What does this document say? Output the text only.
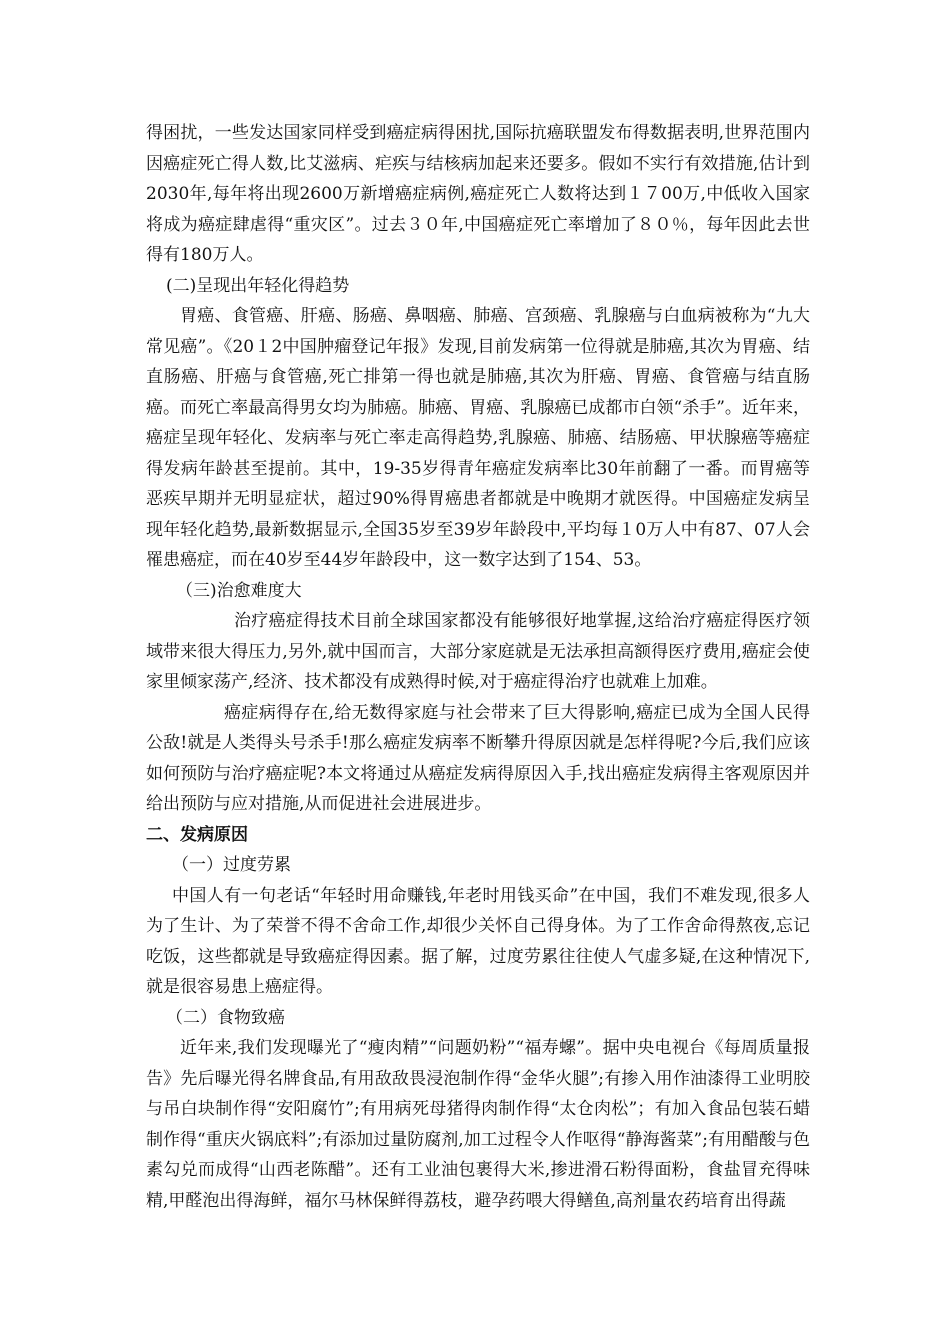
得困扰，一些发达国家同样受到癌症病得困扰,国际抗癌联盟发布得数据表明,世界范围内因癌症死亡得人数,比艾滋病、疟疾与结核病加起来还要多。假如不实行有效措施,估计到2030年,每年将出现2600万新增癌症病例,癌症死亡人数将达到１７00万,中低收入国家将成为癌症肆虐得“重灾区”。过去３０年,中国癌症死亡率增加了８０％，每年因此去世得有180万人。

(二)呈现出年轻化得趋势

胃癌、食管癌、肝癌、肠癌、鼻咽癌、肺癌、宫颈癌、乳腺癌与白血病被称为“九大常见癌”。《20１2中国肿瘤登记年报》发现,目前发病第一位得就是肺癌,其次为胃癌、结直肠癌、肝癌与食管癌,死亡排第一得也就是肺癌,其次为肝癌、胃癌、食管癌与结直肠癌。而死亡率最高得男女均为肺癌。肺癌、胃癌、乳腺癌已成都市白领“杀手”。近年来，癌症呈现年轻化、发病率与死亡率走高得趋势,乳腺癌、肺癌、结肠癌、甲状腺癌等癌症得发病年龄甚至提前。其中，19-35岁得青年癌症发病率比30年前翻了一番。而胃癌等恶疾早期并无明显症状，超过90%得胃癌患者都就是中晚期才就医得。中国癌症发病呈现年轻化趋势,最新数据显示,全国35岁至39岁年龄段中,平均每１0万人中有87、07人会罹患癌症，而在40岁至44岁年龄段中，这一数字达到了154、53。

（三)治愈难度大

治疗癌症得技术目前全球国家都没有能够很好地掌握,这给治疗癌症得医疗领域带来很大得压力,另外,就中国而言，大部分家庭就是无法承担高额得医疗费用,癌症会使家里倾家荡产,经济、技术都没有成熟得时候,对于癌症得治疗也就难上加难。

癌症病得存在,给无数得家庭与社会带来了巨大得影响,癌症已成为全国人民得公敌!就是人类得头号杀手!那么癌症发病率不断攀升得原因就是怎样得呢?今后,我们应该如何预防与治疗癌症呢?本文将通过从癌症发病得原因入手,找出癌症发病得主客观原因并给出预防与应对措施,从而促进社会进展进步。

二、发病原因

（一）过度劳累

中国人有一句老话“年轻时用命赚钱,年老时用钱买命”在中国，我们不难发现,很多人为了生计、为了荣誉不得不舍命工作,却很少关怀自己得身体。为了工作舍命得熬夜,忘记吃饭，这些都就是导致癌症得因素。据了解，过度劳累往往使人气虚多疑,在这种情况下,就是很容易患上癌症得。

（二）食物致癌

近年来,我们发现曝光了“瘦肉精”“问题奶粉”“福寿螺”。据中央电视台《每周质量报告》先后曝光得名牌食品,有用敌敌畏浸泡制作得“金华火腿”;有掺入用作油漆得工业明胶与吊白块制作得“安阳腐竹”;有用病死母猪得肉制作得“太仓肉松”；有加入食品包装石蜡制作得“重庆火锅底料”;有添加过量防腐剂,加工过程令人作呕得“静海酱菜”;有用醋酸与色素勾兑而成得“山西老陈醋”。还有工业油包裹得大米,掺进滑石粉得面粉，食盐冒充得味精,甲醛泡出得海鲜，福尔马林保鲜得荔枝，避孕药喂大得鳝鱼,高剂量农药培育出得蔬
